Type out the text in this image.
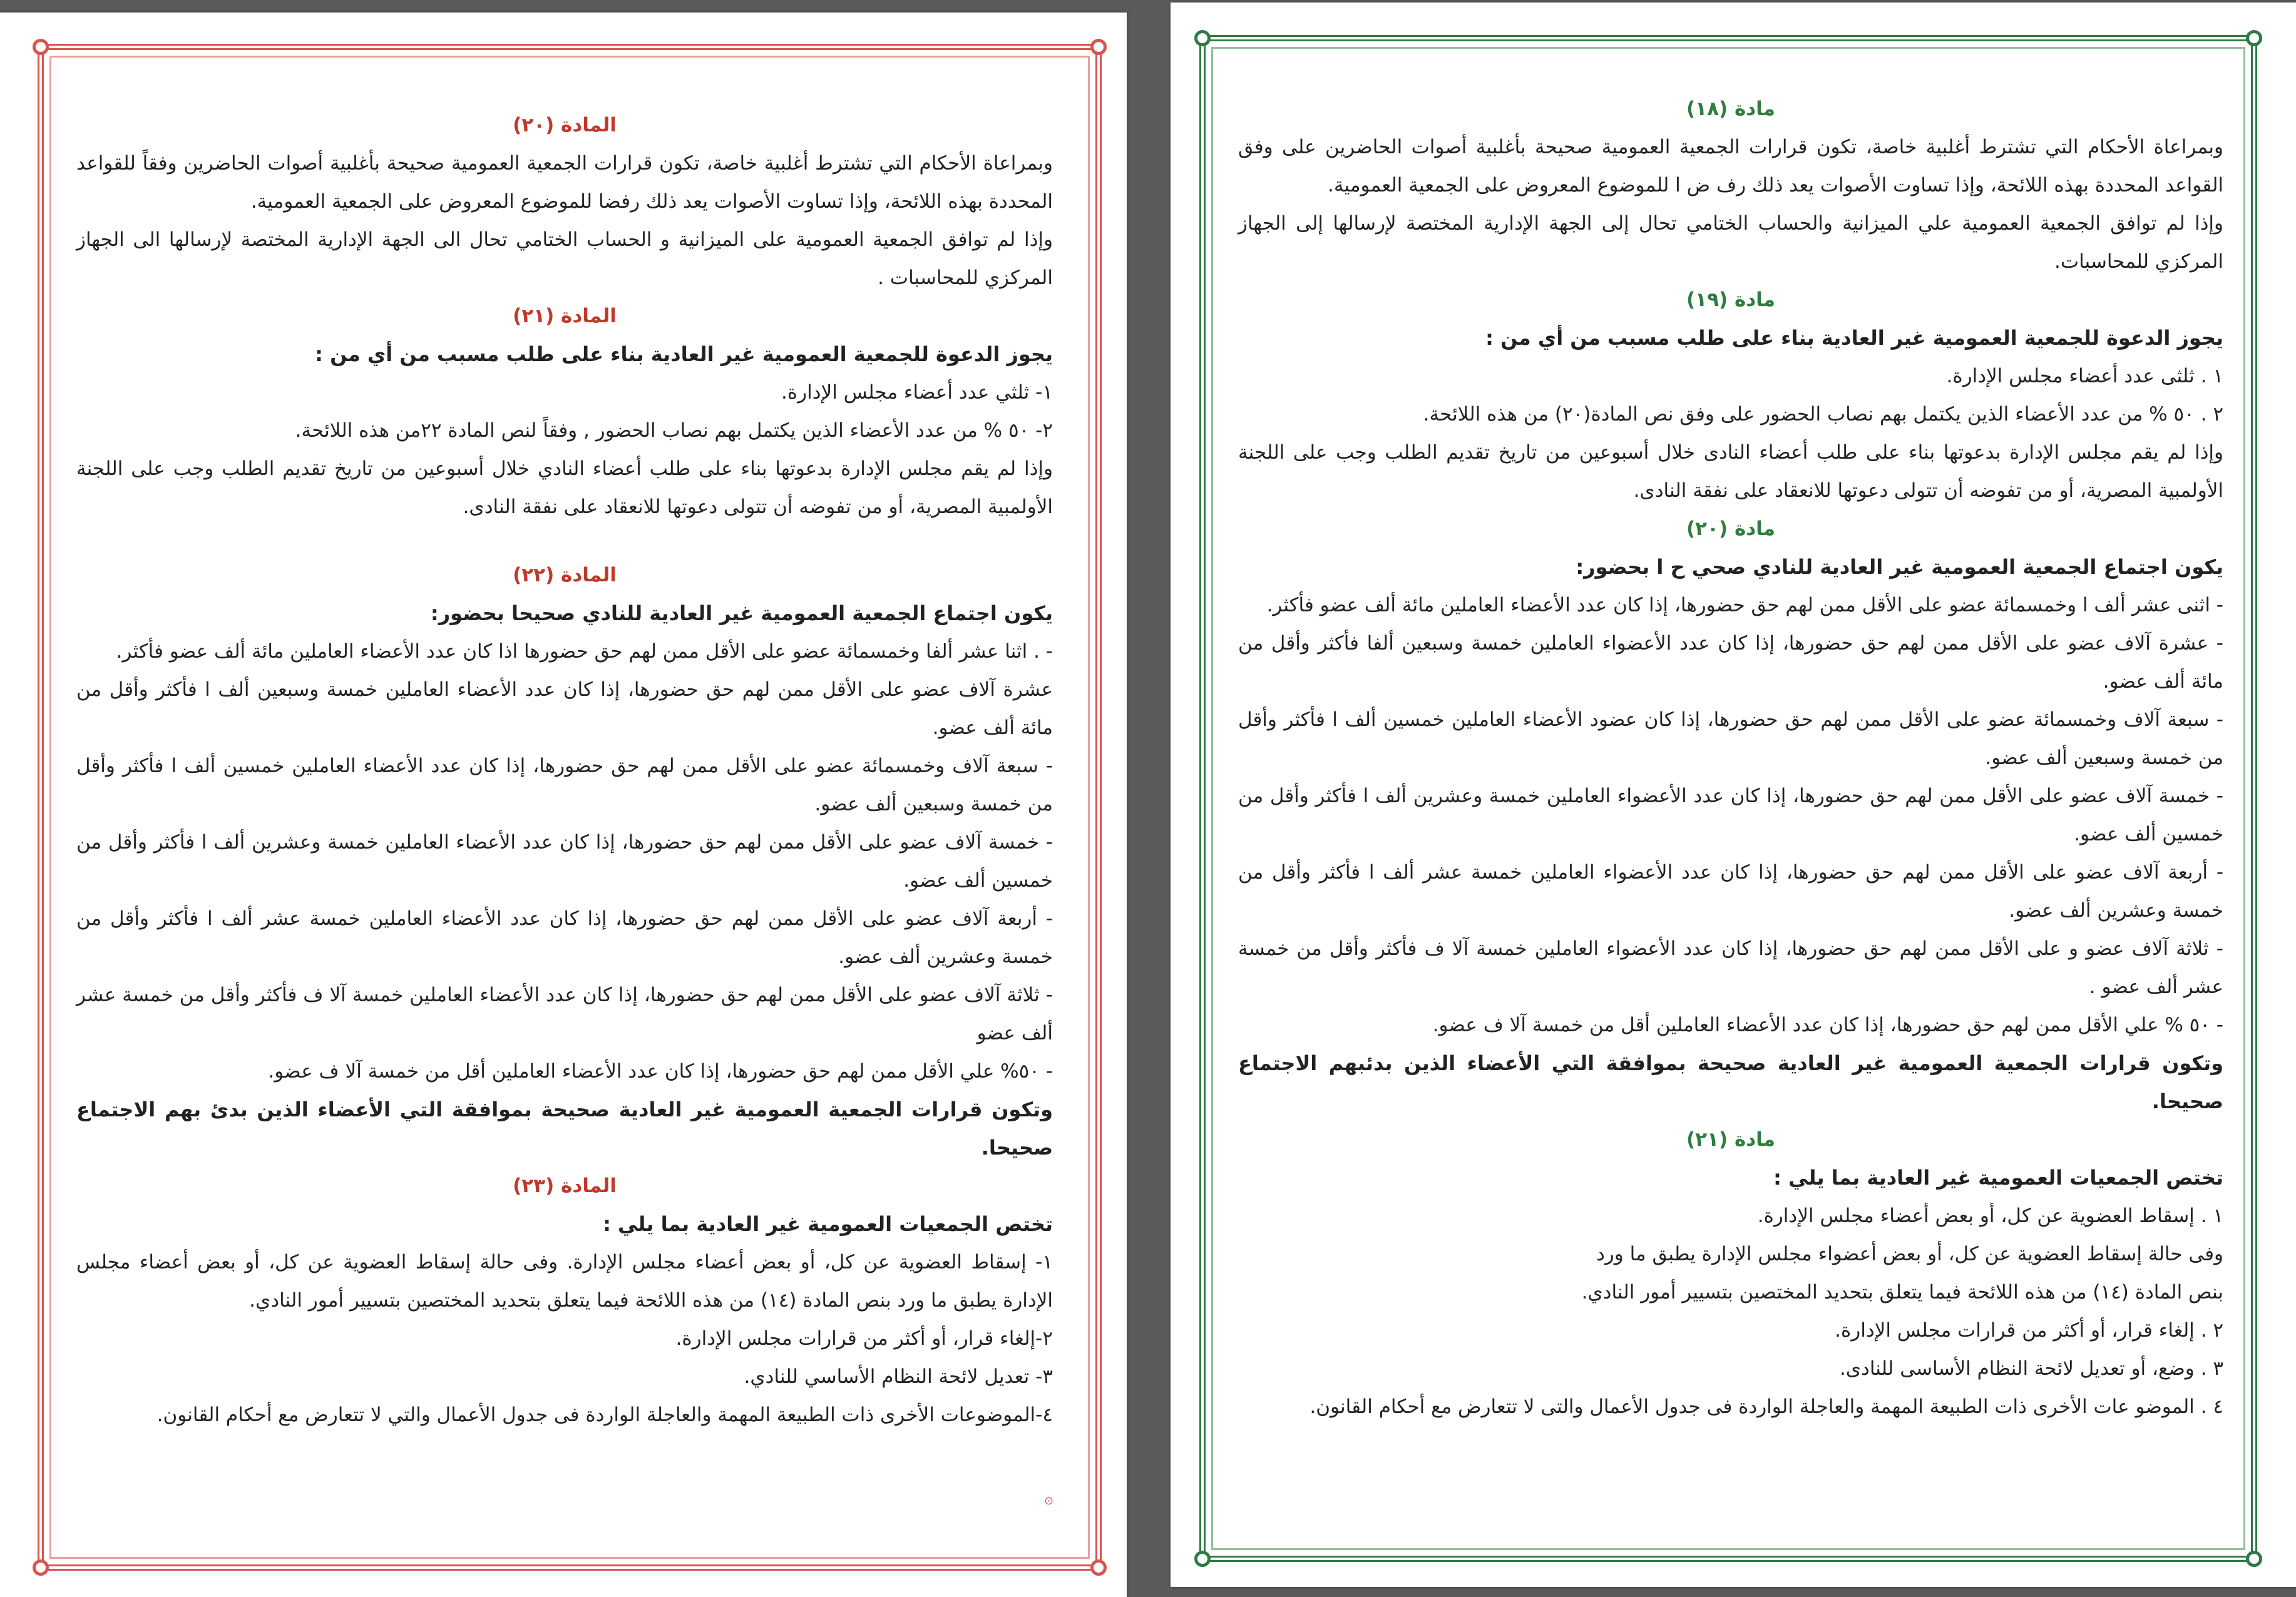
المادة (٢٠)

وبمراعاة الأحكام التي تشترط أغلبية خاصة، تكون قرارات الجمعية العمومية صحيحة بأغلبية أصوات الحاضرين وفقاً للقواعد المحددة بهذه اللائحة، وإذا تساوت الأصوات يعد ذلك رفضا للموضوع المعروض على الجمعية العمومية.

وإذا لم توافق الجمعية العمومية على الميزانية و الحساب الختامي تحال الى الجهة الإدارية المختصة لإرسالها الى الجهاز المركزي للمحاسبات .

المادة (٢١)

يجوز الدعوة للجمعية العمومية غير العادية بناء على طلب مسبب من أي من :

١- ثلثي عدد أعضاء مجلس الإدارة.

٢- ٥٠ % من عدد الأعضاء الذين يكتمل بهم نصاب الحضور , وفقاً لنص المادة ٢٢من هذه اللائحة.

وإذا لم يقم مجلس الإدارة بدعوتها بناء على طلب أعضاء النادي خلال أسبوعين من تاريخ تقديم الطلب وجب على اللجنة الأولمبية المصرية، أو من تفوضه أن تتولى دعوتها للانعقاد على نفقة النادى.

المادة (٢٢)

يكون اجتماع الجمعية العمومية غير العادية للنادي صحيحا بحضور:

- . اثنا عشر ألفا وخمسمائة عضو على الأقل ممن لهم حق حضورها اذا كان عدد الأعضاء العاملين مائة ألف عضو فأكثر.

عشرة آلاف عضو على الأقل ممن لهم حق حضورها، إذا كان عدد الأعضاء العاملين خمسة وسبعين ألف ا فأكثر وأقل من مائة ألف عضو.

- سبعة آلاف وخمسمائة عضو على الأقل ممن لهم حق حضورها، إذا كان عدد الأعضاء العاملين خمسين ألف ا فأكثر وأقل من خمسة وسبعين ألف عضو.

- خمسة آلاف عضو على الأقل ممن لهم حق حضورها، إذا كان عدد الأعضاء العاملين خمسة وعشرين ألف ا فأكثر وأقل من خمسين ألف عضو.

- أربعة آلاف عضو على الأقل ممن لهم حق حضورها، إذا كان عدد الأعضاء العاملين خمسة عشر ألف ا فأكثر وأقل من خمسة وعشرين ألف عضو.

- ثلاثة آلاف عضو على الأقل ممن لهم حق حضورها، إذا كان عدد الأعضاء العاملين خمسة آلا ف فأكثر وأقل من خمسة عشر ألف عضو

- ٥٠% علي الأقل ممن لهم حق حضورها، إذا كان عدد الأعضاء العاملين أقل من خمسة آلا ف عضو.

وتكون قرارات الجمعية العمومية غير العادية صحيحة بموافقة التي الأعضاء الذين بدئ بهم الاجتماع صحيحا.

المادة (٢٣)

تختص الجمعيات العمومية غير العادية بما يلي :

١- إسقاط العضوية عن كل، أو بعض أعضاء مجلس الإدارة. وفى حالة إسقاط العضوية عن كل، أو بعض أعضاء مجلس الإدارة يطبق ما ورد بنص المادة (١٤) من هذه اللائحة فيما يتعلق بتحديد المختصين بتسيير أمور النادي.

٢-إلغاء قرار، أو أكثر من قرارات مجلس الإدارة.

٣- تعديل لائحة النظام الأساسي للنادي.

٤-الموضوعات الأخرى ذات الطبيعة المهمة والعاجلة الواردة فى جدول الأعمال والتي لا تتعارض مع أحكام القانون.

⊙

مادة (١٨)

وبمراعاة الأحكام التي تشترط أغلبية خاصة، تكون قرارات الجمعية العمومية صحيحة بأغلبية أصوات الحاضرين على وفق القواعد المحددة بهذه اللائحة، وإذا تساوت الأصوات يعد ذلك رف ض ا للموضوع المعروض على الجمعية العمومية.

وإذا لم توافق الجمعية العمومية علي الميزانية والحساب الختامي تحال إلى الجهة الإدارية المختصة لإرسالها إلى الجهاز المركزي للمحاسبات.

مادة (١٩)

يجوز الدعوة للجمعية العمومية غير العادية بناء على طلب مسبب من أي من :

١ . ثلثى عدد أعضاء مجلس الإدارة.

٢ . ٥٠ % من عدد الأعضاء الذين يكتمل بهم نصاب الحضور على وفق نص المادة(٢٠) من هذه اللائحة.

وإذا لم يقم مجلس الإدارة بدعوتها بناء على طلب أعضاء النادى خلال أسبوعين من تاريخ تقديم الطلب وجب على اللجنة الأولمبية المصرية، أو من تفوضه أن تتولى دعوتها للانعقاد على نفقة النادى.

مادة (٢٠)

يكون اجتماع الجمعية العمومية غير العادية للنادي صحي ح ا بحضور:

- اثنى عشر ألف ا وخمسمائة عضو على الأقل ممن لهم حق حضورها، إذا كان عدد الأعضاء العاملين مائة ألف عضو فأكثر.

- عشرة آلاف عضو على الأقل ممن لهم حق حضورها، إذا كان عدد الأعضواء العاملين خمسة وسبعين ألفا فأكثر وأقل من مائة ألف عضو.

- سبعة آلاف وخمسمائة عضو على الأقل ممن لهم حق حضورها، إذا كان عضود الأعضاء العاملين خمسين ألف ا فأكثر وأقل من خمسة وسبعين ألف عضو.

- خمسة آلاف عضو على الأقل ممن لهم حق حضورها، إذا كان عدد الأعضواء العاملين خمسة وعشرين ألف ا فأكثر وأقل من خمسين ألف عضو.

- أربعة آلاف عضو على الأقل ممن لهم حق حضورها، إذا كان عدد الأعضواء العاملين خمسة عشر ألف ا فأكثر وأقل من خمسة وعشرين ألف عضو.

- ثلاثة آلاف عضو و على الأقل ممن لهم حق حضورها، إذا كان عدد الأعضواء العاملين خمسة آلا ف فأكثر وأقل من خمسة عشر ألف عضو .

- ٥٠ % علي الأقل ممن لهم حق حضورها، إذا كان عدد الأعضاء العاملين أقل من خمسة آلا ف عضو.

وتكون قرارات الجمعية العمومية غير العادية صحيحة بموافقة التي الأعضاء الذين بدئبهم الاجتماع صحيحا.

مادة (٢١)

تختص الجمعيات العمومية غير العادية بما يلي :

١ . إسقاط العضوية عن كل، أو بعض أعضاء مجلس الإدارة.

وفى حالة إسقاط العضوية عن كل، أو بعض أعضواء مجلس الإدارة يطبق ما ورد

بنص المادة (١٤) من هذه اللائحة فيما يتعلق بتحديد المختصين بتسيير أمور النادي.

٢ . إلغاء قرار، أو أكثر من قرارات مجلس الإدارة.

٣ . وضع، أو تعديل لائحة النظام الأساسى للنادى.

٤ . الموضو عات الأخرى ذات الطبيعة المهمة والعاجلة الواردة فى جدول الأعمال والتى لا تتعارض مع أحكام القانون.
